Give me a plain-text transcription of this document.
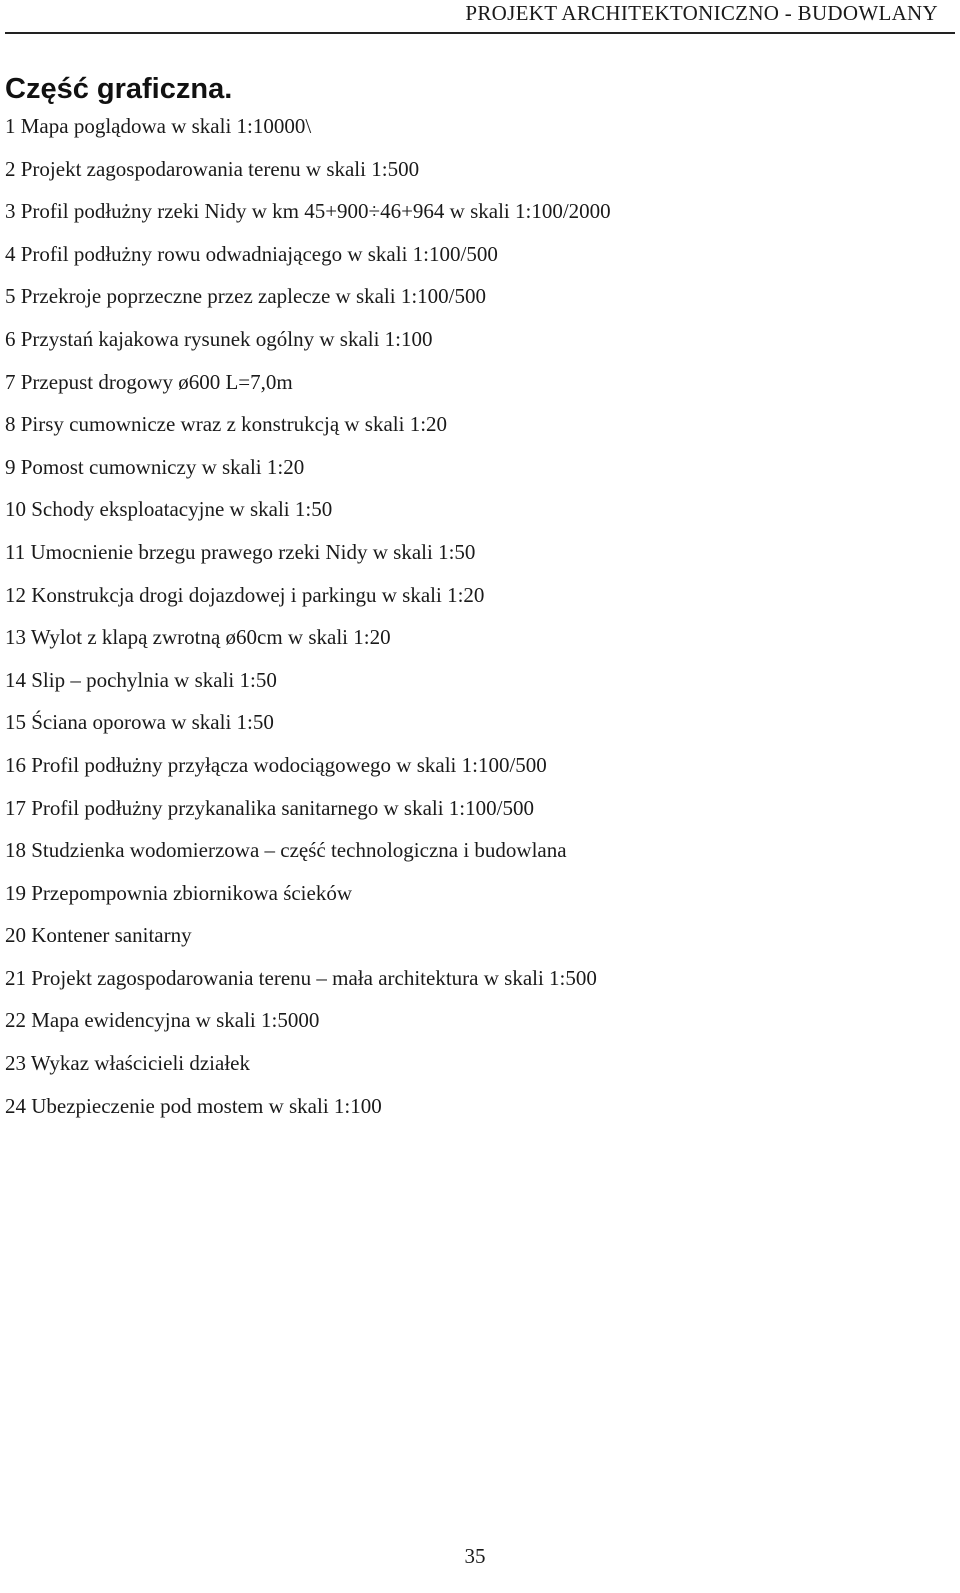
PROJEKT ARCHITEKTONICZNO - BUDOWLANY
Część graficzna.
1 Mapa poglądowa w skali 1:10000\
2 Projekt zagospodarowania terenu w skali 1:500
3 Profil podłużny rzeki Nidy w km 45+900÷46+964 w skali 1:100/2000
4 Profil podłużny rowu odwadniającego w skali 1:100/500
5 Przekroje poprzeczne przez zaplecze w skali 1:100/500
6 Przystań kajakowa rysunek ogólny w skali 1:100
7 Przepust drogowy ø600 L=7,0m
8 Pirsy cumownicze wraz z konstrukcją w skali 1:20
9 Pomost cumowniczy w skali 1:20
10 Schody eksploatacyjne w skali 1:50
11 Umocnienie brzegu prawego rzeki Nidy w skali 1:50
12 Konstrukcja drogi dojazdowej i parkingu w skali 1:20
13 Wylot z klapą zwrotną ø60cm w skali 1:20
14 Slip – pochylnia w skali 1:50
15 Ściana oporowa w skali 1:50
16 Profil podłużny przyłącza wodociągowego w skali 1:100/500
17 Profil podłużny przykanalika sanitarnego w skali 1:100/500
18 Studzienka wodomierzowa – część technologiczna i budowlana
19 Przepompownia zbiornikowa ścieków
20 Kontener sanitarny
21 Projekt zagospodarowania terenu – mała architektura w skali 1:500
22 Mapa ewidencyjna w skali 1:5000
23 Wykaz właścicieli działek
24 Ubezpieczenie pod mostem w skali 1:100
35
